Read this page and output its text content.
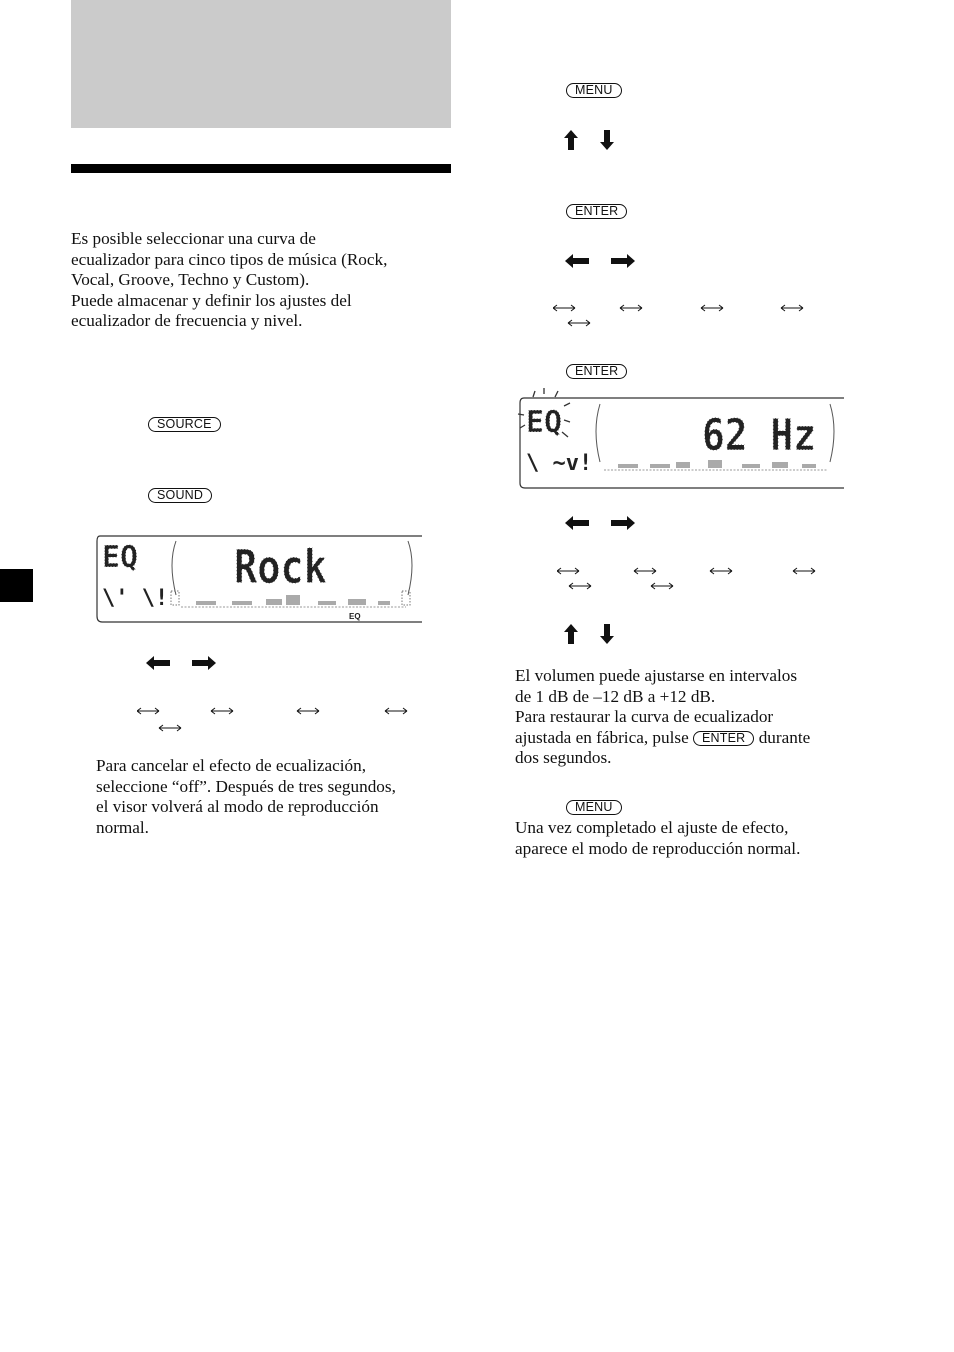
Es posible seleccionar una curva de
ecualizador para cinco tipos de música (Rock,
Vocal, Groove, Techno y Custom).
Puede almacenar y definir los ajustes del
ecualizador de frecuencia y nivel.
SOURCE
SOUND
EQ
\' \!
Rock
EQ
Para cancelar el efecto de ecualización,
seleccione “off”. Después de tres segundos,
el visor volverá al modo de reproducción
normal.
MENU
ENTER
ENTER
EQ
\ ~v!
62 Hz
El volumen puede ajustarse en intervalos
de 1 dB de –12 dB a +12 dB.
Para restaurar la curva de ecualizador
ajustada en fábrica, pulse ENTER durante
dos segundos.
MENU
Una vez completado el ajuste de efecto,
aparece el modo de reproducción normal.
